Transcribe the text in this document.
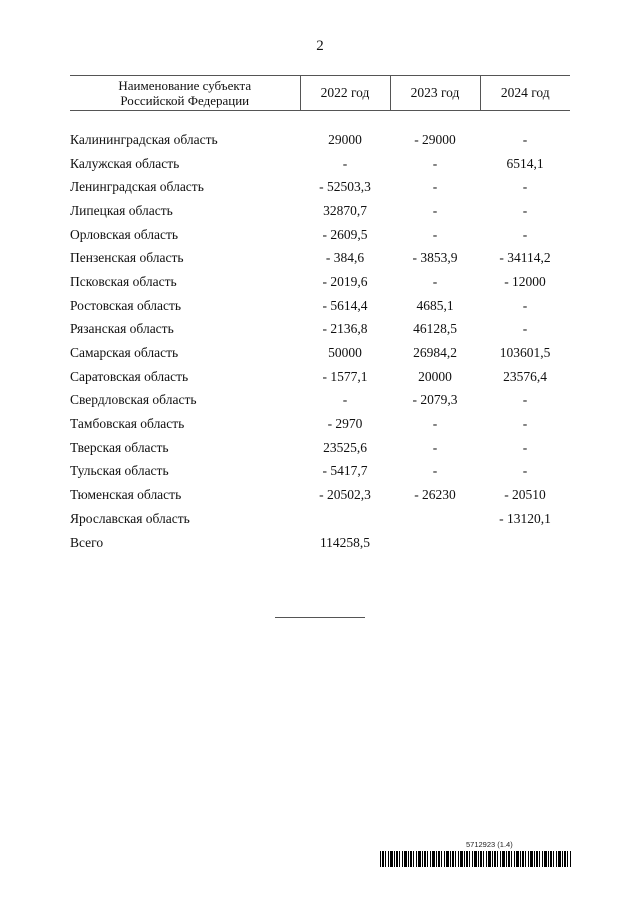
2
Наименование субъекта
Российской Федерации	2022 год	2023 год	2024 год

Калининградская область	29000	- 29000	-
Калужская область	-	-	6514,1
Ленинградская область	- 52503,3	-	-
Липецкая область	32870,7	-	-
Орловская область	- 2609,5	-	-
Пензенская область	- 384,6	- 3853,9	- 34114,2
Псковская область	- 2019,6	-	- 12000
Ростовская область	- 5614,4	4685,1	-
Рязанская область	- 2136,8	46128,5	-
Самарская область	50000	26984,2	103601,5
Саратовская область	- 1577,1	20000	23576,4
Свердловская область	-	- 2079,3	-
Тамбовская область	- 2970	-	-
Тверская область	23525,6	-	-
Тульская область	- 5417,7	-	-
Тюменская область	- 20502,3	- 26230	- 20510
Ярославская область			- 13120,1
Всего	114258,5		
5712923 (1.4)
